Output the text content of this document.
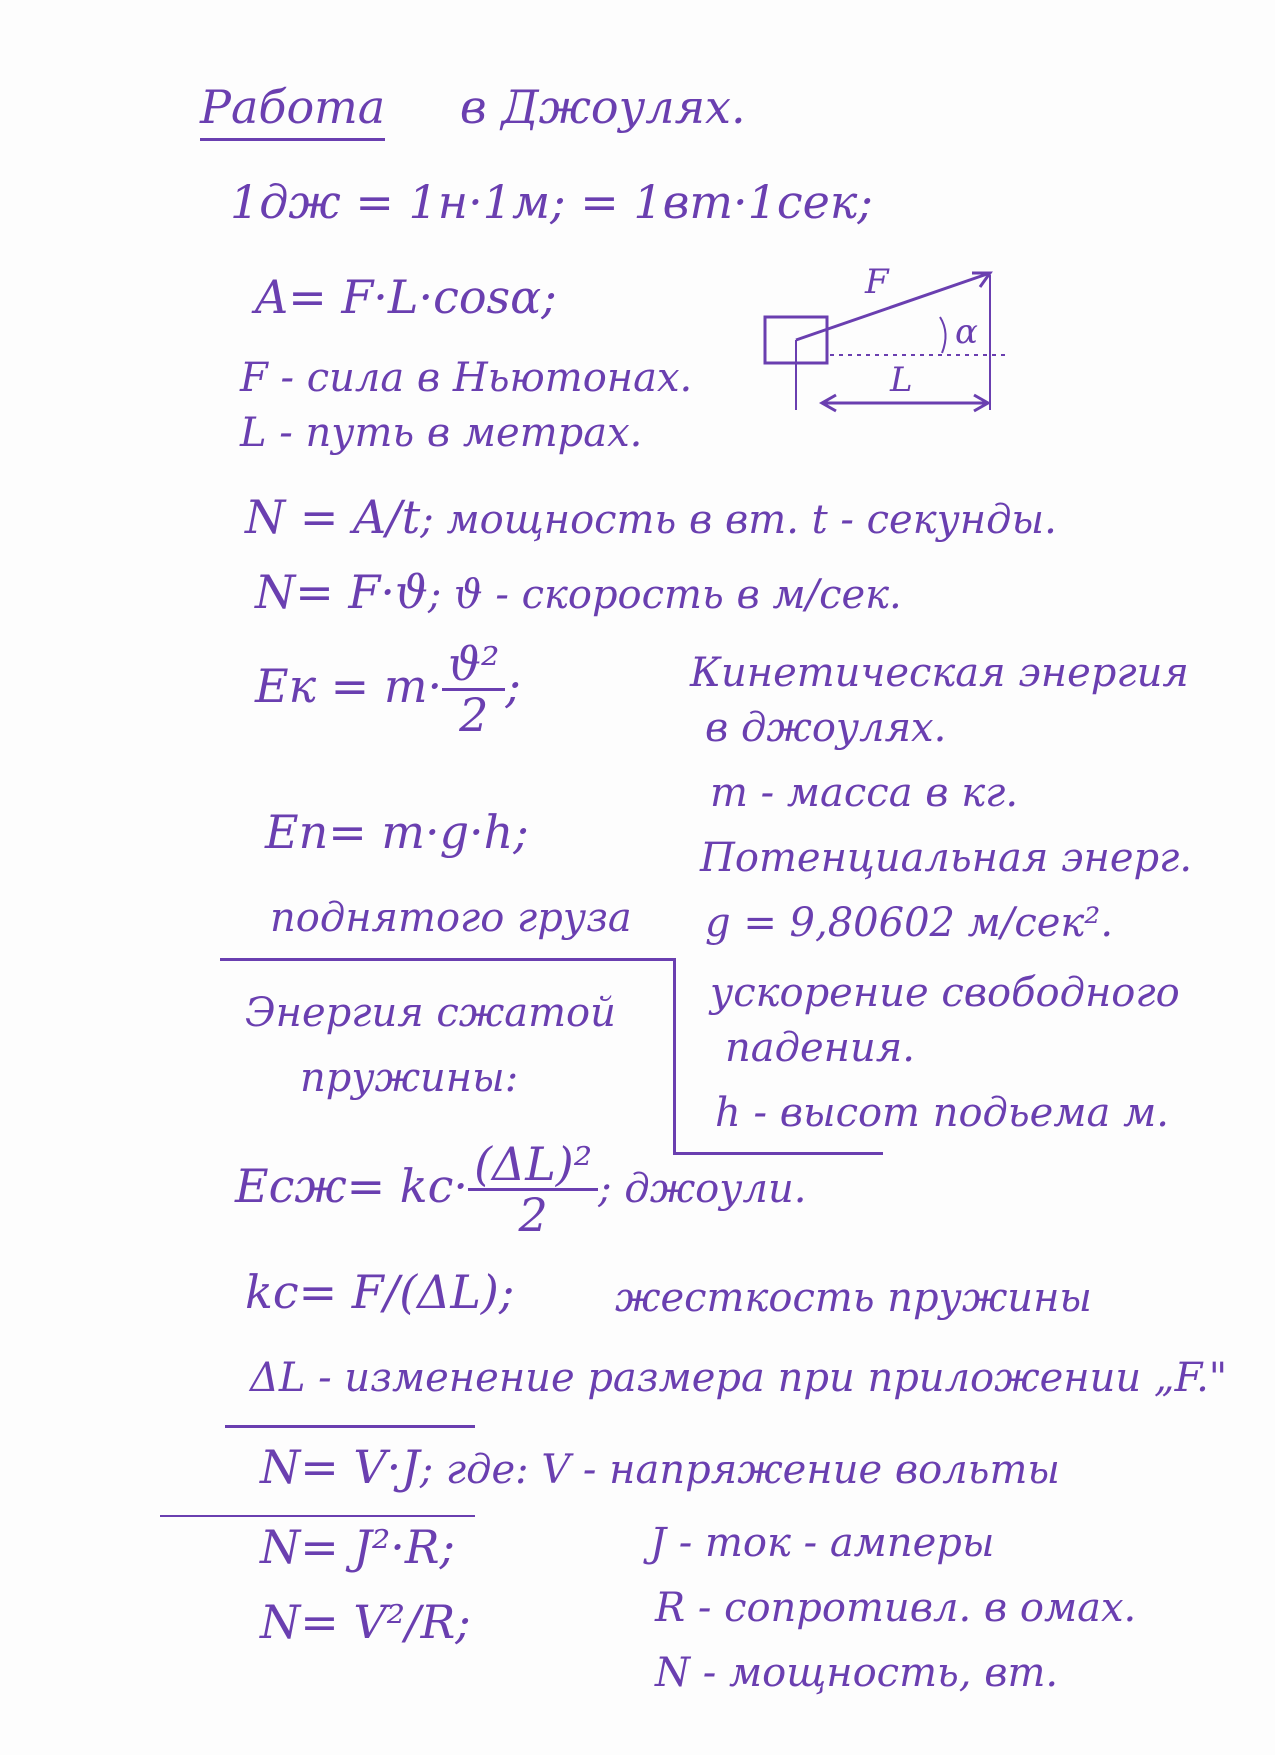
Работа в Джоулях.
1дж = 1н·1м; = 1вт·1сек;
A= F·L·cosα;	F
α
L
F - сила в Ньютонах.
L - путь в метрах.
N = A/t; мощность в вт. t - секунды.
N= F·ϑ; ϑ - скорость в м/сек.
Eк = $m\cdot \frac{\text{ϑ²}}{2}$ ;	Кинетическая энергия
в джоулях.
m - масса в кг.
Eп= m·g·h;	Потенциальная энерг.
поднятого груза g = 9,80602 м/сек².
ускорение свободного
падения.
h - высот подьема м.
Энергия сжатой
пружины:
$Eсж= kc\cdot \frac{\text{(ΔL)²}}{2}$ ; джоули.
kc= F/(ΔL);	жесткость пружины
ΔL - изменение размера при приложении „F."
N= V·J; где: V - напряжение вольты
N= J²·R;	J - ток - амперы
N= V²/R;	R - сопротивл. в омах.
N - мощность, вт.
